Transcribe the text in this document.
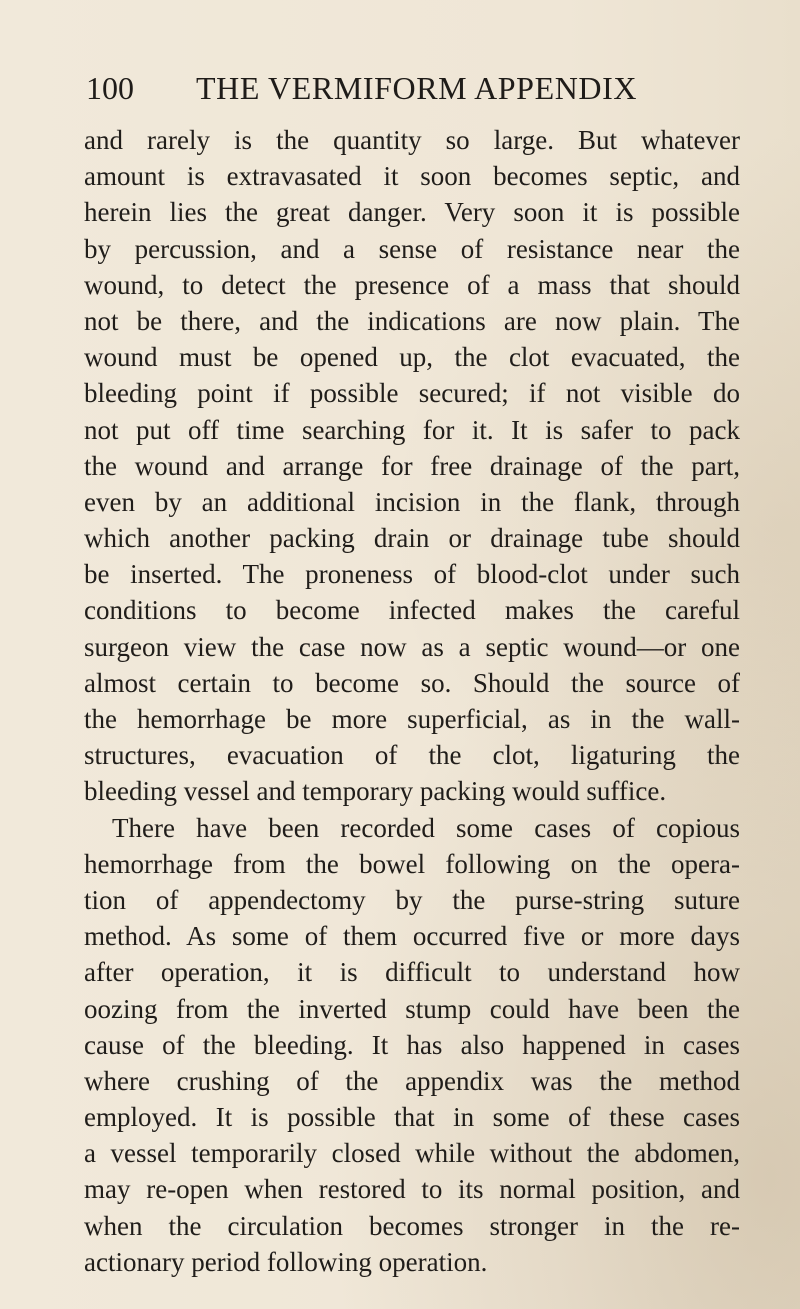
100	THE VERMIFORM APPENDIX
and rarely is the quantity so large. But whatever
amount is extravasated it soon becomes septic, and
herein lies the great danger. Very soon it is possible
by percussion, and a sense of resistance near the
wound, to detect the presence of a mass that should
not be there, and the indications are now plain. The
wound must be opened up, the clot evacuated, the
bleeding point if possible secured; if not visible do
not put off time searching for it. It is safer to pack
the wound and arrange for free drainage of the part,
even by an additional incision in the flank, through
which another packing drain or drainage tube should
be inserted. The proneness of blood-clot under such
conditions to become infected makes the careful
surgeon view the case now as a septic wound—or one
almost certain to become so. Should the source of
the hemorrhage be more superficial, as in the wall-
structures, evacuation of the clot, ligaturing the
bleeding vessel and temporary packing would suffice.
There have been recorded some cases of copious
hemorrhage from the bowel following on the opera-
tion of appendectomy by the purse-string suture
method. As some of them occurred five or more days
after operation, it is difficult to understand how
oozing from the inverted stump could have been the
cause of the bleeding. It has also happened in cases
where crushing of the appendix was the method
employed. It is possible that in some of these cases
a vessel temporarily closed while without the abdomen,
may re-open when restored to its normal position, and
when the circulation becomes stronger in the re-
actionary period following operation.
